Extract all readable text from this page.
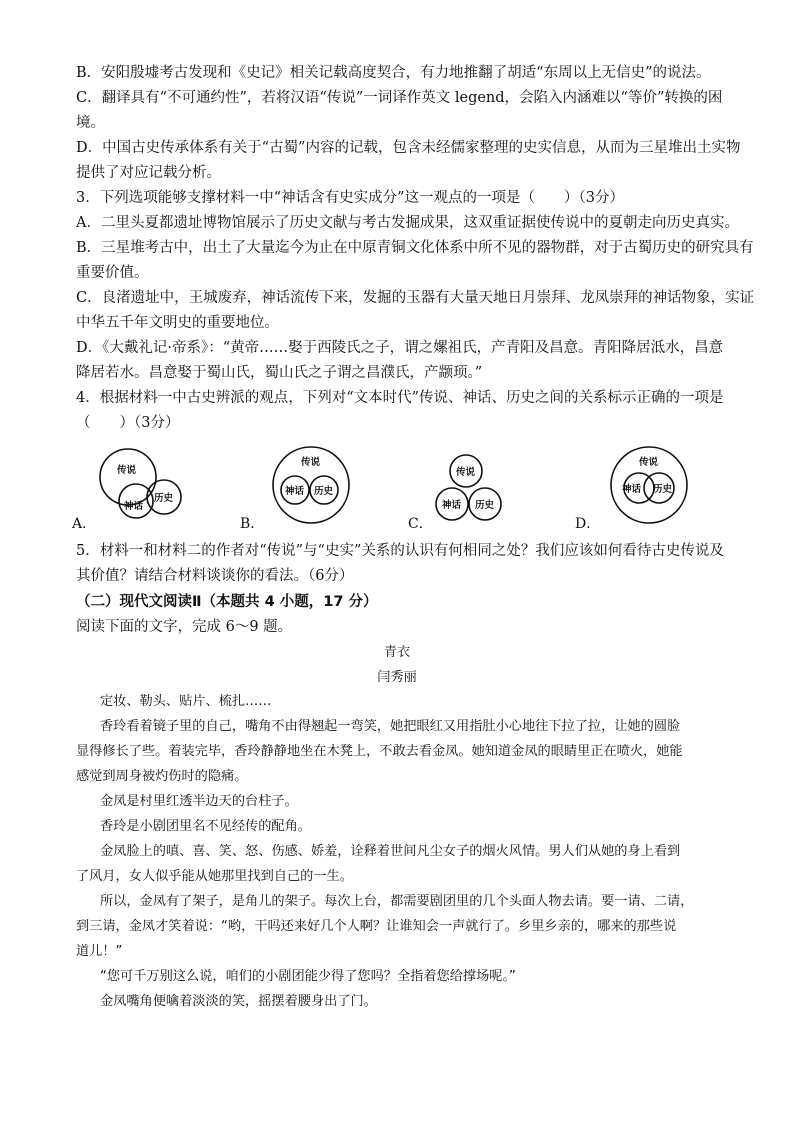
B．安阳殷墟考古发现和《史记》相关记载高度契合，有力地推翻了胡适“东周以上无信史”的说法。
C．翻译具有“不可通约性”，若将汉语“传说”一词译作英文 legend，会陷入内涵难以“等价”转换的困
境。
D．中国古史传承体系有关于“古蜀”内容的记载，包含未经儒家整理的史实信息，从而为三星堆出土实物
提供了对应记载分析。
3．下列选项能够支撑材料一中“神话含有史实成分”这一观点的一项是（　　）（3分）
A．二里头夏都遗址博物馆展示了历史文献与考古发掘成果，这双重证据使传说中的夏朝走向历史真实。
B．三星堆考古中，出土了大量迄今为止在中原青铜文化体系中所不见的器物群，对于古蜀历史的研究具有
重要价值。
C．良渚遗址中，王城废弃，神话流传下来，发掘的玉器有大量天地日月崇拜、龙凤崇拜的神话物象，实证
中华五千年文明史的重要地位。
D．《大戴礼记·帝系》：“黄帝……娶于西陵氏之子，谓之嫘祖氏，产青阳及昌意。青阳降居泜水，昌意
降居若水。昌意娶于蜀山氏，蜀山氏之子谓之昌濮氏，产颛顼。”
4．根据材料一中古史辨派的观点，下列对“文本时代”传说、神话、历史之间的关系标示正确的一项是
（　　）（3分）
A．
传说
神话
历史
B．
传说
神话 历史
C．
传说
神话 历史
D．
传说
神话 历史
5．材料一和材料二的作者对“传说”与“史实”关系的认识有何相同之处？我们应该如何看待古史传说及
其价值？请结合材料谈谈你的看法。（6分）
（二）现代文阅读Ⅱ（本题共 4 小题，17 分）
阅读下面的文字，完成 6～9 题。
青衣
闫秀丽
定妆、勒头、贴片、梳扎……
香玲看着镜子里的自己，嘴角不由得翘起一弯笑，她把眼红又用指肚小心地往下拉了拉，让她的圆脸
显得修长了些。着装完毕，香玲静静地坐在木凳上，不敢去看金凤。她知道金凤的眼睛里正在喷火，她能
感觉到周身被灼伤时的隐痛。
金凤是村里红透半边天的台柱子。
香玲是小剧团里名不见经传的配角。
金凤脸上的嗔、喜、笑、怒、伤感、娇羞，诠释着世间凡尘女子的烟火风情。男人们从她的身上看到
了风月，女人似乎能从她那里找到自己的一生。
所以，金凤有了架子，是角儿的架子。每次上台，都需要剧团里的几个头面人物去请。要一请、二请，
到三请，金凤才笑着说：“哟，干吗还来好几个人啊？让谁知会一声就行了。乡里乡亲的，哪来的那些说
道儿！”
“您可千万别这么说，咱们的小剧团能少得了您吗？全指着您给撑场呢。”
金凤嘴角便噙着淡淡的笑，摇摆着腰身出了门。
